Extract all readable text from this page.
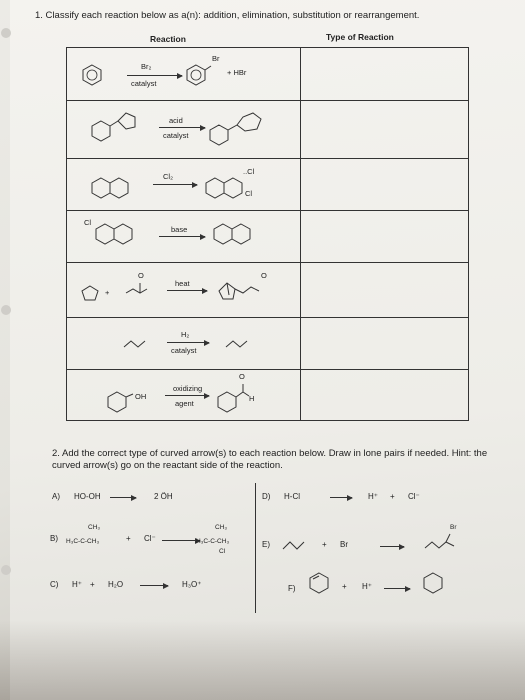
1. Classify each reaction below as a(n): addition, elimination, substitution or rearrangement.
Reaction	Type of Reaction
Br₂
catalyst
Br
+ HBr	

acid
catalyst	

Cl₂
..Cl
Cl	

Cl
base	

+
O
heat
O	

H₂
catalyst	

OH
oxidizing
agent
O
H	

2. Add the correct type of curved arrow(s) to each reaction below. Draw in lone pairs if needed. Hint: the curved arrow(s) go on the reactant side of the reaction.
A) HO-OH → 2 ÖH	D) H-Cl → H⁺ + Cl⁻
B)
CH₃
H₃C-C-CH₃	+ Cl⁻ →
CH₃
H₃C-C-CH₃
Cl
E)	+ Br
Br
C) H⁺ + H₂O → H₃O⁺	F)	+ H⁺ →
